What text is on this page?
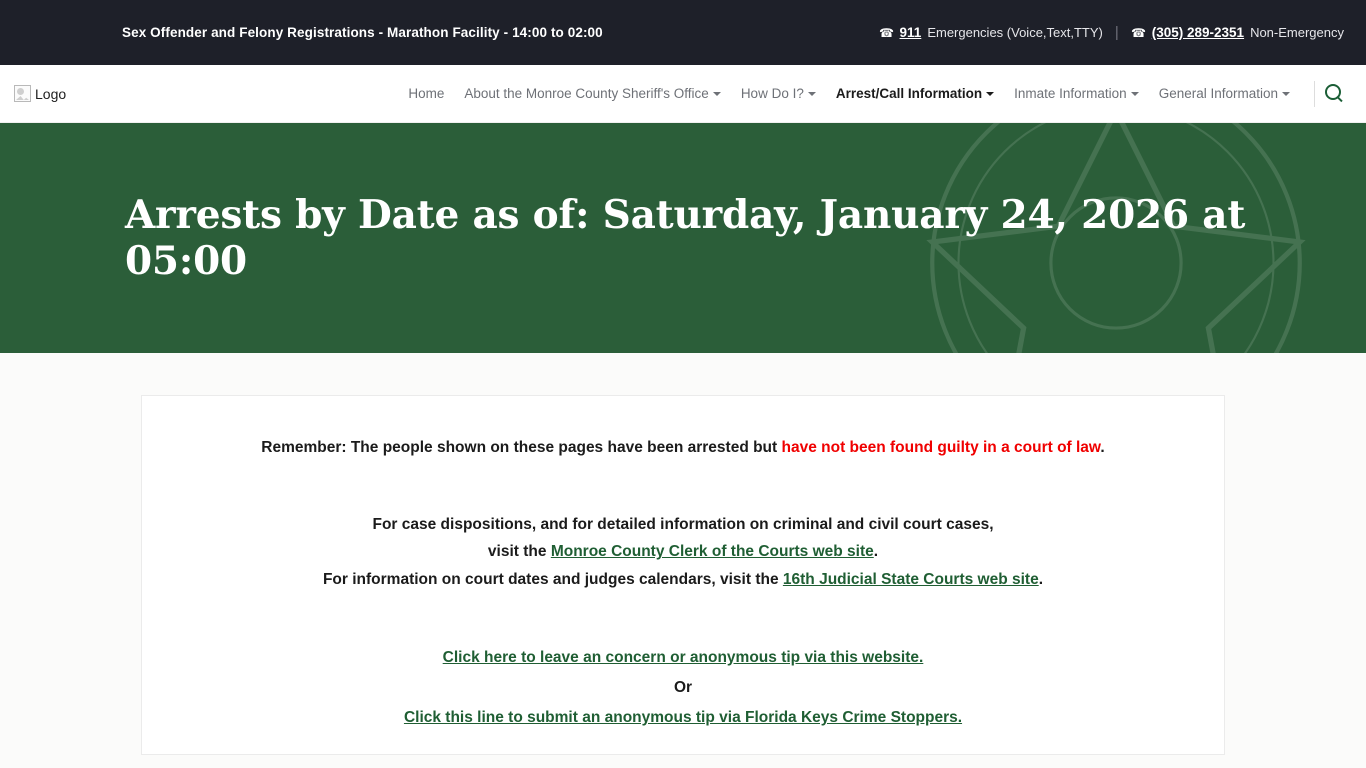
Sex Offender and Felony Registrations - Marathon Facility - 14:00 to 02:00	☎ 911 Emergencies (Voice,Text,TTY) | ☎ (305) 289-2351 Non-Emergency
Logo	Home	About the Monroe County Sheriff's Office	How Do I?	Arrest/Call Information	Inmate Information	General Information
Arrests by Date as of: Saturday, January 24, 2026 at 05:00
Remember: The people shown on these pages have been arrested but have not been found guilty in a court of law.
For case dispositions, and for detailed information on criminal and civil court cases,
visit the Monroe County Clerk of the Courts web site.
For information on court dates and judges calendars, visit the 16th Judicial State Courts web site.
Click here to leave an concern or anonymous tip via this website.
Or
Click this line to submit an anonymous tip via Florida Keys Crime Stoppers.
